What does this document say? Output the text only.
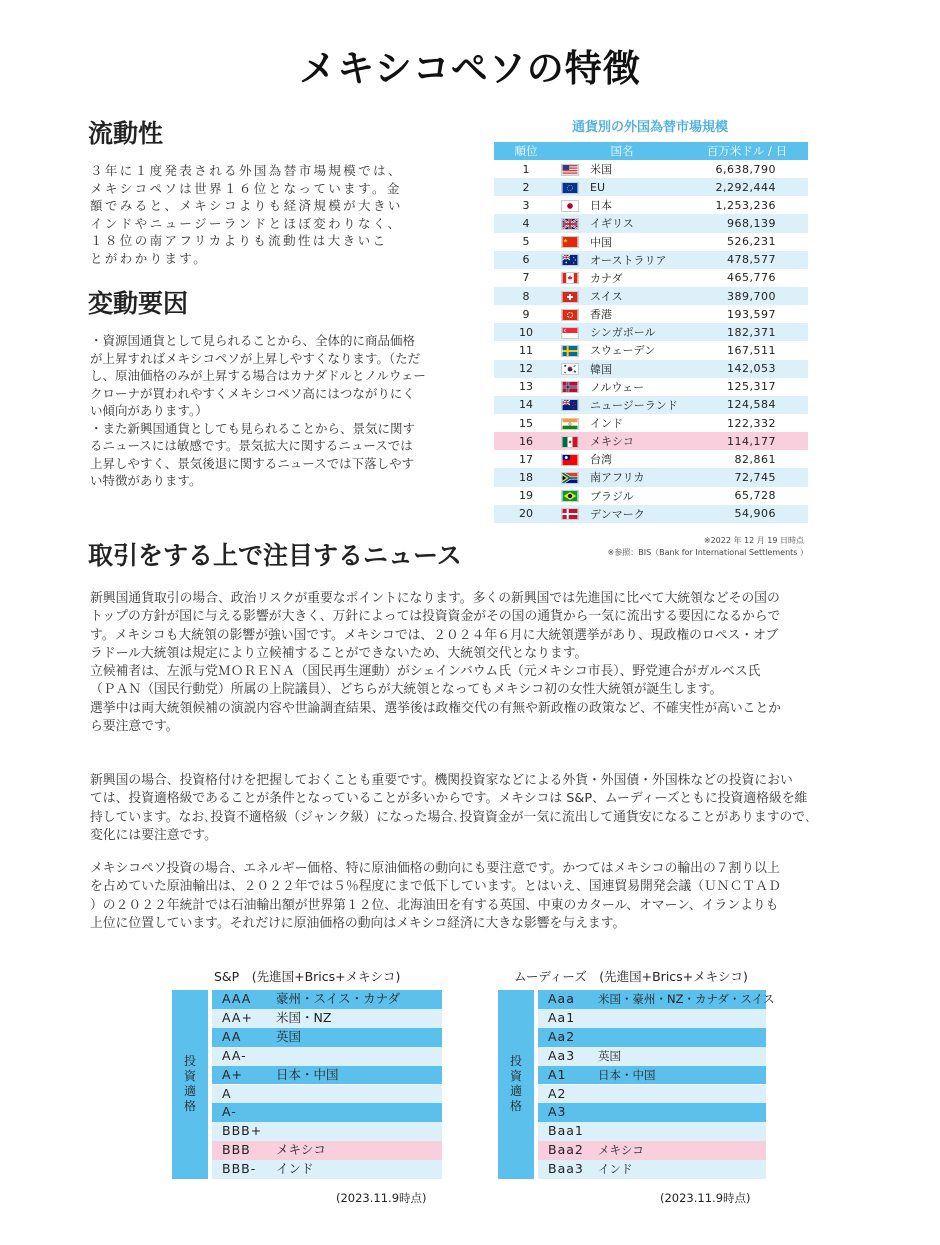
メキシコペソの特徴
流動性
３年に１度発表される外国為替市場規模では、
メキシコペソは世界１６位となっています。金
額でみると、メキシコよりも経済規模が大きい
インドやニュージーランドとほぼ変わりなく、
１８位の南アフリカよりも流動性は大きいこ
とがわかります。
変動要因
・資源国通貨として見られることから、全体的に商品価格
が上昇すればメキシコペソが上昇しやすくなります。（ただ
し、原油価格のみが上昇する場合はカナダドルとノルウェー
クローナが買われやすくメキシコペソ高にはつながりにく
い傾向があります。）
・また新興国通貨としても見られることから、景気に関す
るニュースには敏感です。景気拡大に関するニュースでは
上昇しやすく、景気後退に関するニュースでは下落しやす
い特徴があります。
通貨別の外国為替市場規模
順位	国名		百万米ドル / 日
1		米国	6,638,790
2		EU	2,292,444
3		日本	1,253,236
4		イギリス	968,139
5		中国	526,231
6		オーストラリア	478,577
7		カナダ	465,776
8		スイス	389,700
9		香港	193,597
10		シンガポール	182,371
11		スウェーデン	167,511
12		韓国	142,053
13		ノルウェー	125,317
14		ニュージーランド	124,584
15		インド	122,332
16		メキシコ	114,177
17		台湾	82,861
18		南アフリカ	72,745
19		ブラジル	65,728
20		デンマーク	54,906
※2022 年 12 月 19 日時点
※参照：BIS（Bank for International Settlements ）
取引をする上で注目するニュース
新興国通貨取引の場合、政治リスクが重要なポイントになります。多くの新興国では先進国に比べて大統領などその国の
トップの方針が国に与える影響が大きく、万針によっては投資資金がその国の通貨から一気に流出する要因になるからで
す。メキシコも大統領の影響が強い国です。メキシコでは、２０２４年６月に大統領選挙があり、現政権のロペス・オブ
ラドール大統領は規定により立候補することができないため、大統領交代となります。
立候補者は、左派与党ＭＯＲＥＮＡ（国民再生運動）がシェインバウム氏（元メキシコ市長）、野党連合がガルベス氏
（ＰＡＮ（国民行動党）所属の上院議員）、どちらが大統領となってもメキシコ初の女性大統領が誕生します。
選挙中は両大統領候補の演説内容や世論調査結果、選挙後は政権交代の有無や新政権の政策など、不確実性が高いことか
ら要注意です。
新興国の場合、投資格付けを把握しておくことも重要です。機関投資家などによる外貨・外国債・外国株などの投資におい
ては、投資適格級であることが条件となっていることが多いからです。メキシコは S&P、ムーディーズともに投資適格級を維
持しています。なお､投資不適格級（ジャンク級）になった場合､投資資金が一気に流出して通貨安になることがありますので､
変化には要注意です。
メキシコペソ投資の場合、エネルギー価格、特に原油価格の動向にも要注意です。かつてはメキシコの輸出の７割り以上
を占めていた原油輸出は、２０２２年では５％程度にまで低下しています。とはいえ、国連貿易開発会議（ＵＮＣＴＡＤ
）の２０２２年統計では石油輸出額が世界第１２位、北海油田を有する英国、中東のカタール、オマーン、イランよりも
上位に位置しています。それだけに原油価格の動向はメキシコ経済に大きな影響を与えます。
S&P　(先進国+Brics+メキシコ)
投
資
適
格
AAA 豪州・スイス・カナダ
AA+ 米国・NZ
AA	英国
AA-
A+	日本・中国
A
A-
BBB+
BBB メキシコ
BBB- インド
(2023.11.9時点)
ムーディーズ　(先進国+Brics+メキシコ)
投
資
適
格
Aaa 米国・豪州・NZ・カナダ・スイス
Aa1
Aa2
Aa3 英国
A1	日本・中国
A2
A3
Baa1
Baa2 メキシコ
Baa3 インド
(2023.11.9時点)
